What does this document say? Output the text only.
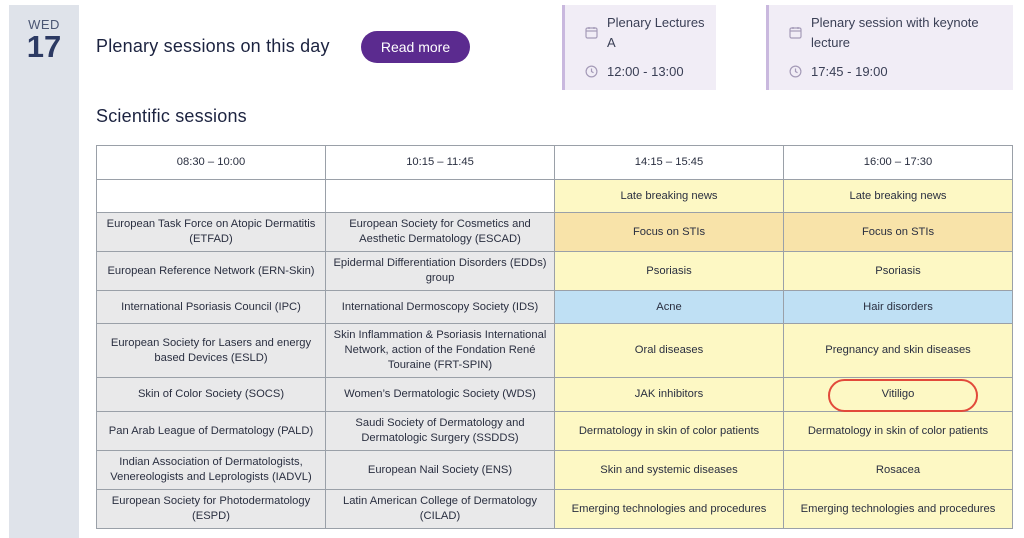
WED
17	Plenary sessions on this day	Read more
Plenary Lectures A
12:00 - 13:00
Plenary session with keynote lecture
17:45 - 19:00
Scientific sessions
08:30 – 10:00	10:15 – 11:45	14:15 – 15:45	16:00 – 17:30
		Late breaking news	Late breaking news
European Task Force on Atopic Dermatitis (ETFAD)	European Society for Cosmetics and Aesthetic Dermatology (ESCAD)	Focus on STIs	Focus on STIs
European Reference Network (ERN-Skin)	Epidermal Differentiation Disorders (EDDs) group	Psoriasis	Psoriasis
International Psoriasis Council (IPC)	International Dermoscopy Society (IDS)	Acne	Hair disorders
European Society for Lasers and energy based Devices (ESLD)	Skin Inflammation & Psoriasis International Network, action of the Fondation René Touraine (FRT-SPIN)	Oral diseases	Pregnancy and skin diseases
Skin of Color Society (SOCS)	Women’s Dermatologic Society (WDS)	JAK inhibitors	Vitiligo
Pan Arab League of Dermatology (PALD)	Saudi Society of Dermatology and Dermatologic Surgery (SSDDS)	Dermatology in skin of color patients	Dermatology in skin of color patients
Indian Association of Dermatologists, Venereologists and Leprologists (IADVL)	European Nail Society (ENS)	Skin and systemic diseases	Rosacea
European Society for Photodermatology (ESPD)	Latin American College of Dermatology (CILAD)	Emerging technologies and procedures	Emerging technologies and procedures
